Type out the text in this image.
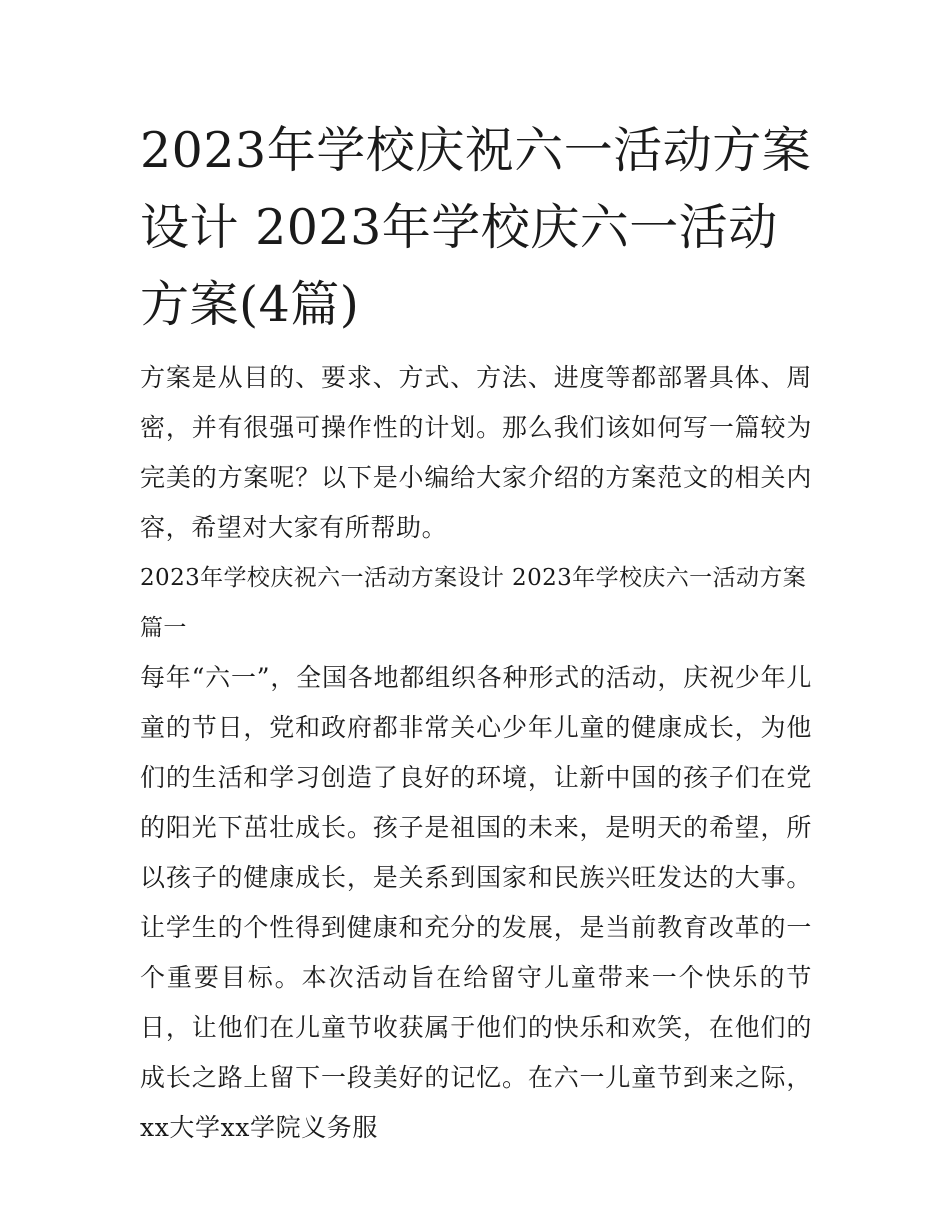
2023年学校庆祝六一活动方案设计 2023年学校庆六一活动方案(4篇)

方案是从目的、要求、方式、方法、进度等都部署具体、周密，并有很强可操作性的计划。那么我们该如何写一篇较为完美的方案呢？以下是小编给大家介绍的方案范文的相关内容，希望对大家有所帮助。

2023年学校庆祝六一活动方案设计 2023年学校庆六一活动方案篇一

每年“六一”，全国各地都组织各种形式的活动，庆祝少年儿童的节日，党和政府都非常关心少年儿童的健康成长，为他们的生活和学习创造了良好的环境，让新中国的孩子们在党的阳光下茁壮成长。孩子是祖国的未来，是明天的希望，所以孩子的健康成长，是关系到国家和民族兴旺发达的大事。让学生的个性得到健康和充分的发展，是当前教育改革的一个重要目标。本次活动旨在给留守儿童带来一个快乐的节日，让他们在儿童节收获属于他们的快乐和欢笑，在他们的成长之路上留下一段美好的记忆。在六一儿童节到来之际，xx大学xx学院义务服
